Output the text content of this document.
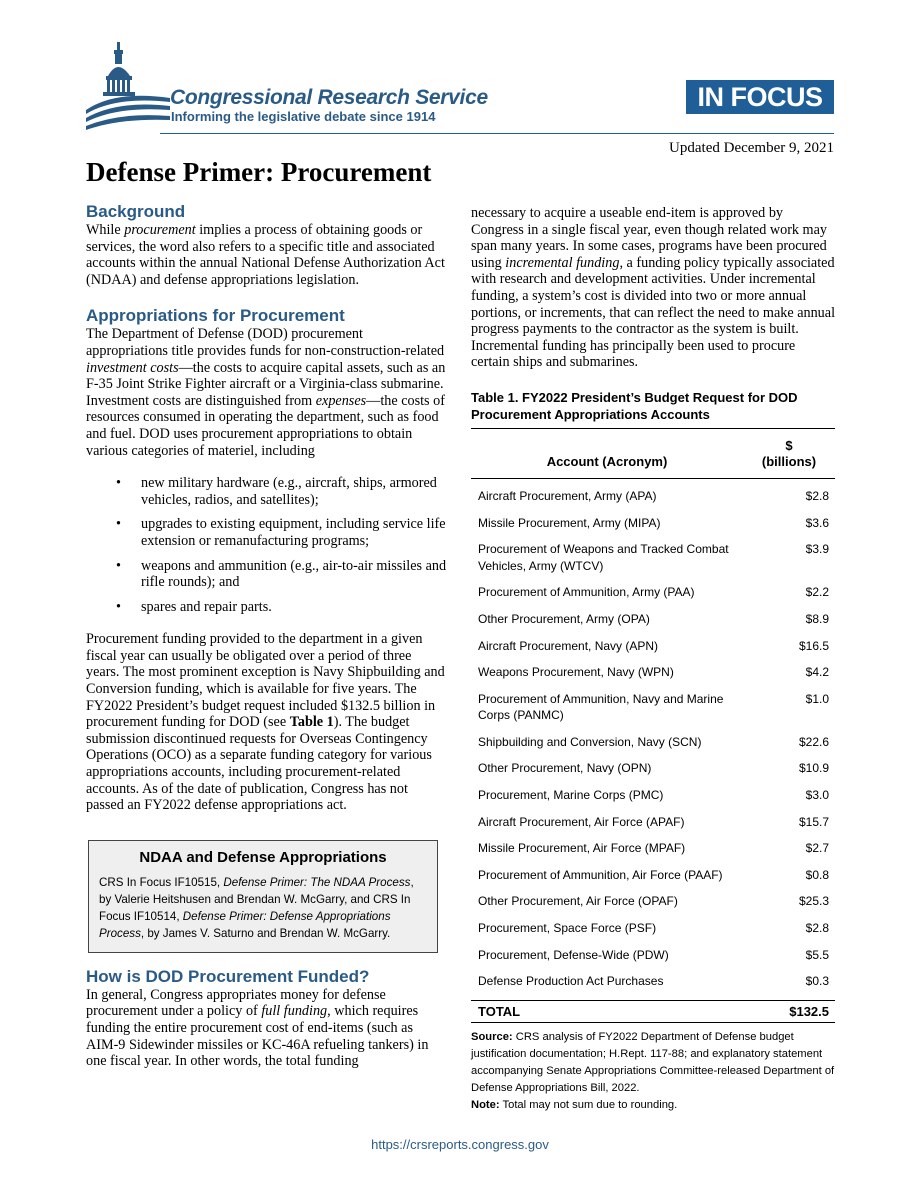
Congressional Research Service
Informing the legislative debate since 1914
IN FOCUS
Updated December 9, 2021
Defense Primer: Procurement
Background

While procurement implies a process of obtaining goods or services, the word also refers to a specific title and associated accounts within the annual National Defense Authorization Act (NDAA) and defense appropriations legislation.

Appropriations for Procurement

The Department of Defense (DOD) procurement appropriations title provides funds for non-construction-related investment costs—the costs to acquire capital assets, such as an F-35 Joint Strike Fighter aircraft or a Virginia-class submarine. Investment costs are distinguished from expenses—the costs of resources consumed in operating the department, such as food and fuel. DOD uses procurement appropriations to obtain various categories of materiel, including

• new military hardware (e.g., aircraft, ships, armored vehicles, radios, and satellites);
• upgrades to existing equipment, including service life extension or remanufacturing programs;
• weapons and ammunition (e.g., air-to-air missiles and rifle rounds); and
• spares and repair parts.

Procurement funding provided to the department in a given fiscal year can usually be obligated over a period of three years. The most prominent exception is Navy Shipbuilding and Conversion funding, which is available for five years. The FY2022 President’s budget request included $132.5 billion in procurement funding for DOD (see Table 1). The budget submission discontinued requests for Overseas Contingency Operations (OCO) as a separate funding category for various appropriations accounts, including procurement-related accounts. As of the date of publication, Congress has not passed an FY2022 defense appropriations act.

NDAA and Defense Appropriations

CRS In Focus IF10515, Defense Primer: The NDAA Process, by Valerie Heitshusen and Brendan W. McGarry, and CRS In Focus IF10514, Defense Primer: Defense Appropriations Process, by James V. Saturno and Brendan W. McGarry.

How is DOD Procurement Funded?

In general, Congress appropriates money for defense procurement under a policy of full funding, which requires funding the entire procurement cost of end-items (such as AIM-9 Sidewinder missiles or KC-46A refueling tankers) in one fiscal year. In other words, the total funding

necessary to acquire a useable end-item is approved by Congress in a single fiscal year, even though related work may span many years. In some cases, programs have been procured using incremental funding, a funding policy typically associated with research and development activities. Under incremental funding, a system’s cost is divided into two or more annual portions, or increments, that can reflect the need to make annual progress payments to the contractor as the system is built. Incremental funding has principally been used to procure certain ships and submarines.

Table 1. FY2022 President’s Budget Request for DOD Procurement Appropriations Accounts

Account (Acronym)	$
(billions)
Aircraft Procurement, Army (APA)	$2.8
Missile Procurement, Army (MIPA)	$3.6
Procurement of Weapons and Tracked Combat Vehicles, Army (WTCV)	$3.9
Procurement of Ammunition, Army (PAA)	$2.2
Other Procurement, Army (OPA)	$8.9
Aircraft Procurement, Navy (APN)	$16.5
Weapons Procurement, Navy (WPN)	$4.2
Procurement of Ammunition, Navy and Marine Corps (PANMC)	$1.0
Shipbuilding and Conversion, Navy (SCN)	$22.6
Other Procurement, Navy (OPN)	$10.9
Procurement, Marine Corps (PMC)	$3.0
Aircraft Procurement, Air Force (APAF)	$15.7
Missile Procurement, Air Force (MPAF)	$2.7
Procurement of Ammunition, Air Force (PAAF)	$0.8
Other Procurement, Air Force (OPAF)	$25.3
Procurement, Space Force (PSF)	$2.8
Procurement, Defense-Wide (PDW)	$5.5
Defense Production Act Purchases	$0.3
TOTAL	$132.5

Source: CRS analysis of FY2022 Department of Defense budget justification documentation; H.Rept. 117-88; and explanatory statement accompanying Senate Appropriations Committee-released Department of Defense Appropriations Bill, 2022.

Note: Total may not sum due to rounding.

https://crsreports.congress.gov
